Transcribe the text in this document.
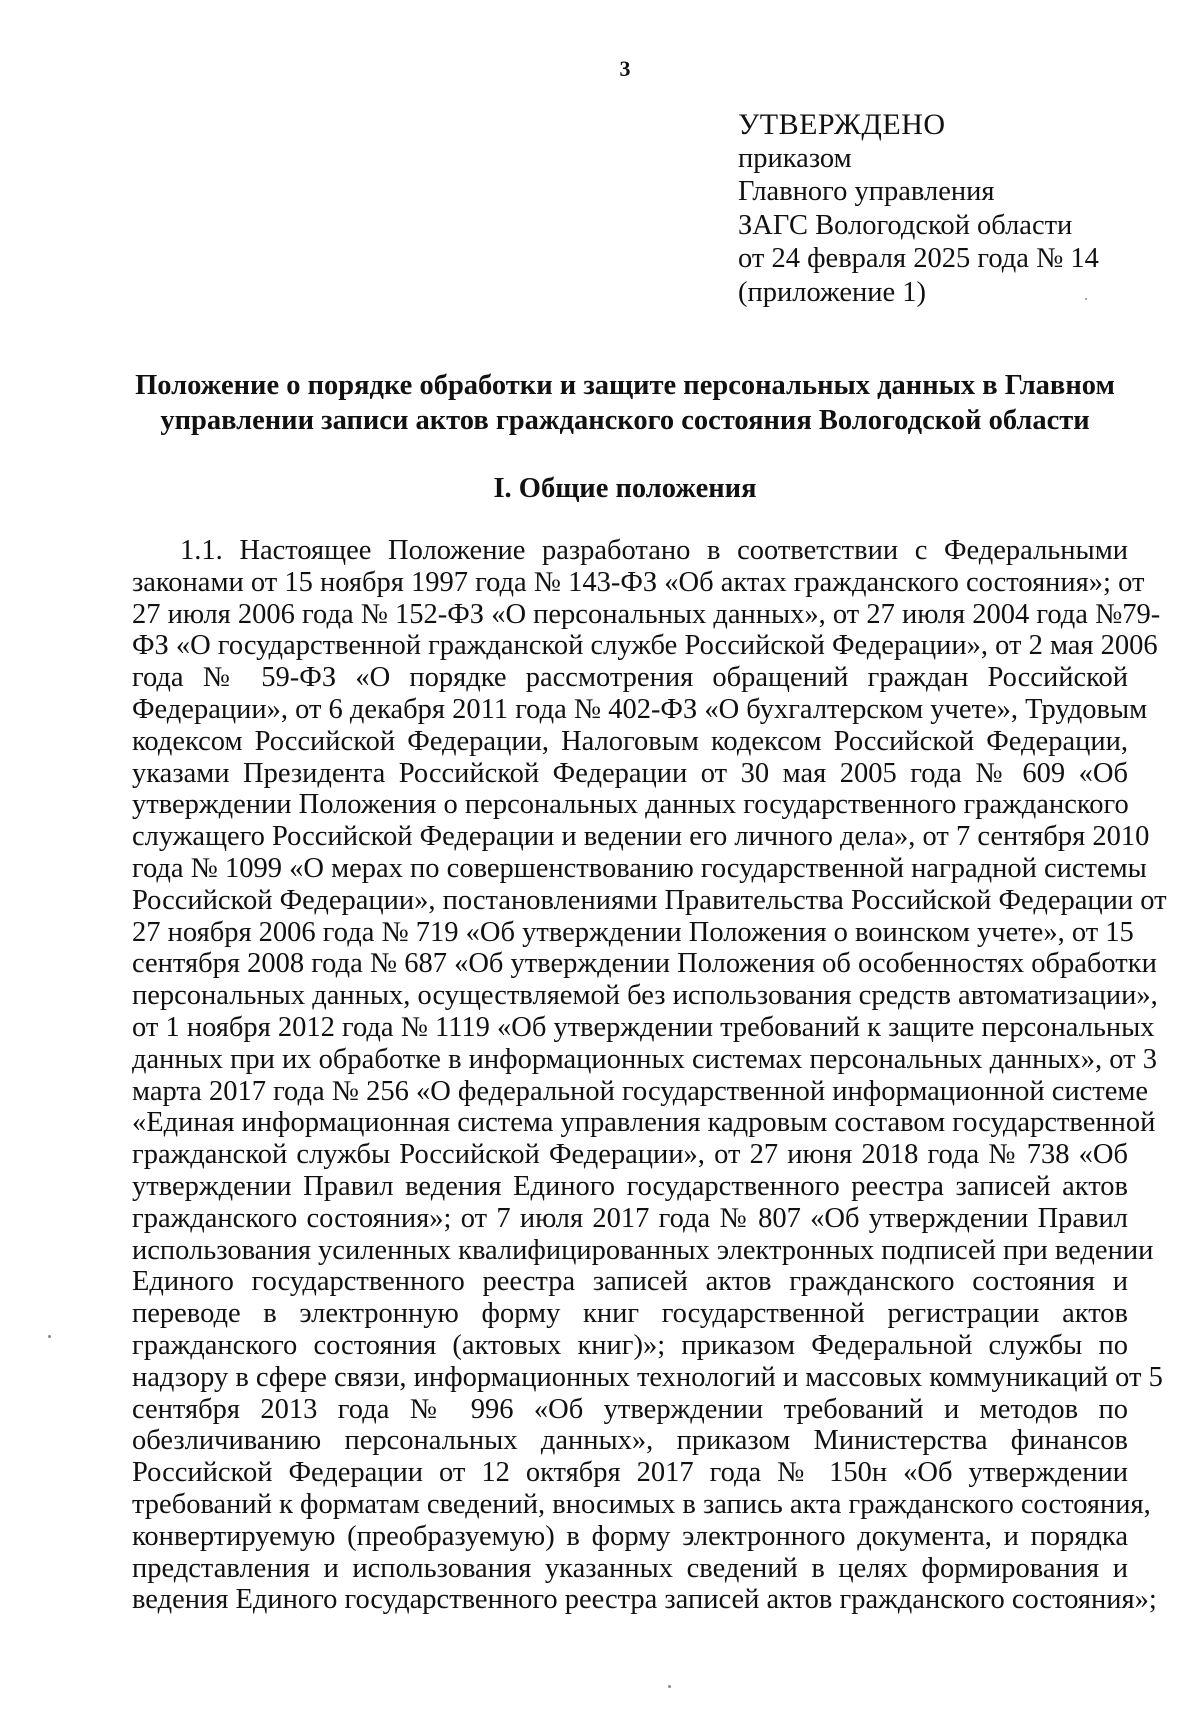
3
УТВЕРЖДЕНО
приказом
Главного управления
ЗАГС Вологодской области
от 24 февраля 2025 года № 14
(приложение 1)
Положение о порядке обработки и защите персональных данных в Главном
управлении записи актов гражданского состояния Вологодской области
I. Общие положения
1.1. Настоящее Положение разработано в соответствии с Федеральными
законами от 15 ноября 1997 года № 143-ФЗ «Об актах гражданского состояния»; от
27 июля 2006 года № 152-ФЗ «О персональных данных», от 27 июля 2004 года №79-
ФЗ «О государственной гражданской службе Российской Федерации», от 2 мая 2006
года № 59-ФЗ «О порядке рассмотрения обращений граждан Российской
Федерации», от 6 декабря 2011 года № 402-ФЗ «О бухгалтерском учете», Трудовым
кодексом Российской Федерации, Налоговым кодексом Российской Федерации,
указами Президента Российской Федерации от 30 мая 2005 года № 609 «Об
утверждении Положения о персональных данных государственного гражданского
служащего Российской Федерации и ведении его личного дела», от 7 сентября 2010
года № 1099 «О мерах по совершенствованию государственной наградной системы
Российской Федерации», постановлениями Правительства Российской Федерации от
27 ноября 2006 года № 719 «Об утверждении Положения о воинском учете», от 15
сентября 2008 года № 687 «Об утверждении Положения об особенностях обработки
персональных данных, осуществляемой без использования средств автоматизации»,
от 1 ноября 2012 года № 1119 «Об утверждении требований к защите персональных
данных при их обработке в информационных системах персональных данных», от 3
марта 2017 года № 256 «О федеральной государственной информационной системе
«Единая информационная система управления кадровым составом государственной
гражданской службы Российской Федерации», от 27 июня 2018 года № 738 «Об
утверждении Правил ведения Единого государственного реестра записей актов
гражданского состояния»; от 7 июля 2017 года № 807 «Об утверждении Правил
использования усиленных квалифицированных электронных подписей при ведении
Единого государственного реестра записей актов гражданского состояния и
переводе в электронную форму книг государственной регистрации актов
гражданского состояния (актовых книг)»; приказом Федеральной службы по
надзору в сфере связи, информационных технологий и массовых коммуникаций от 5
сентября 2013 года № 996 «Об утверждении требований и методов по
обезличиванию персональных данных», приказом Министерства финансов
Российской Федерации от 12 октября 2017 года № 150н «Об утверждении
требований к форматам сведений, вносимых в запись акта гражданского состояния,
конвертируемую (преобразуемую) в форму электронного документа, и порядка
представления и использования указанных сведений в целях формирования и
ведения Единого государственного реестра записей актов гражданского состояния»;
